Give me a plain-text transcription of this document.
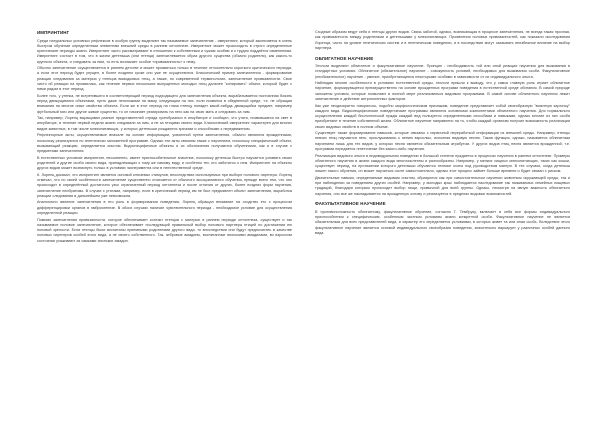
ИМПРИНТИНГ

Среди натуральных условных рефлексов в особую группу выделяют так называемое запечатление - импринтинг, который заключается в очень быстром обучении определенным элементам внешней среды в раннем онтогенезе. Импринтинг может происходить в строго определенные критические периоды жизни. Импринтинг часто рассматривают в отношении к собственным и чужим особям и к трудно поддаётся изменениям. Импринтинг состоит в том, что в жизни детеныша (или птенца) запечатлевается образ другого существа (обычно родителя), как какого-то крупного объекта, и следовать за ним, то есть возникает особое «привязанность» к нему.

Обычно запечатление осуществляется в раннем детстве и может проявиться только в течение относительно короткого критического периода, а если этот период будет упущен, в более позднем сроке оно уже не осуществится. Классический пример запечатления - формирование реакции следования за матерью у птенцов выводковых птиц, а также, по современной терминологии, запечатление привязанности. Свое чисто об реакции на проявилась, как течение первых нескольких выпущенных молодых птиц дальнее "копировать" объект, который будет с ними рядом в этот период.

Более того, у утенка, не встретившего в соответствующий период подходящего для запечатления объекта, вырабатывается постоянная боязнь перед движущимися объектами, пусть даже непохожими на маму, следующим на них, если появятся в обедненной среде, т.е. не обращая внимания на многие иные свойства объекта. Если же в этот период на глаза птенцу попадет какой-нибудь движущийся предмет, например футбольный мяч или другое живое существо, то он начинает реагировать на него как на свою мать и следовать за ним.

Так, например, Лоренц выращивал разные представителей отряда гусеобразных в инкубаторе и сообщил, что утята, появившиеся на свет в инкубаторе, в течение первой недели жизни следовали за ним, а не за птицами своего вида. Классический импринтинг характерен для многих видов животных, в том числе млекопитающих, у которых детеныши рождаются зрячими и способными к передвижению.

Рефлекторные акты, осуществляемые вначале на основе информации, усвоенной путем запечатления, обычно являются врожденными, поскольку реализуются по генетически заложенной программе. Однако эти акты связаны также с научением, поскольку специфический объект, вызывающий реакцию, определяется опытом. Видоспецифичные объекты и их обозначения получаются обученными, как и в случае с предметами запечатления.

В естественных условиях импринтинг, несомненно, имеет приспособительное значение, поскольку детеныш быстро научается узнавать своих родителей и другие особи своего вида, принадлежащих к тому же самому виду, и особенно тех, кто заботится о нем. Импринтинг на объекты других видов может возникнуть только в условиях эксперимента или в неестественной среде.

К. Лоренц доказал, что импринтинг является основой ключевых стимулов, впоследствии используемых при выборе полового партнера. Лоренц отмечал, что по своей особенности запечатление существенно отличается от обычного ассоциативного обучения, прежде всего тем, что оно происходит в определённый достаточно узко ограниченный период онтогенеза и после отличия от других, более поздних форм научения, запечатление необратимо. В случае с утятами, например, если в критический период им не был предъявлен объект запечатления, выработка реакции следования в дальнейшем уже невозможна.

Аналогично явление запечатления в его роль в формировании поведения, Лоренц обращал внимание на сходство его с процессом дифференцировки органов в эмбриогенезе. В обоих случаях наличие чувствительного периода - необходимое условие для осуществления определенной реакции.

Помимо запечатления привязанности, которое обеспечивает контакт птенцов с матерью в раннем периоде онтогенеза, существует и так называемое половое запечатление, которое обеспечивает последующий правильный выбор полового партнера птицей по достижении ею половой зрелости. Если птенцы были воспитаны приемными родителями другого вида, то впоследствии они будут предпочитать в качестве половых партнеров особей этого вида, а не своего собственного. Так, зебровые амадины, воспитанные японскими амадинами, во взрослом состоянии ухаживают за самками японских амадин.

Сходные образом ведут себя и птенцы других видов. Связь заботой, однако, возникающая в процессе запечатления, не всегда такая прочная, как привязанность между родителями и детенышами у млекопитающих. Проявления половых привязанностей, как показали исследования Лоренца, часто на уровне генетических систем и в генетическом поведении, и в последствии могут оказывать неизбежное влияние на выбор партнера.

ОБЛИГАТНОЕ НАУЧЕНИЕ

Этологи выделяют облигатное и факультативное научение. Принцип - необходимость той или иной реакции научения для выживания в стандартных условиях. Облигатное (обязательное) научение - совокупность условий, необходимых для выживания особи. Факультативное (необязательное) научение - умение, приобретающееся некоторыми особями в зависимости от их индивидуального опыта.

Наблюдая многие особенности в условиях естественной среды, этологи пришли к выводу, что у самок главную роль играет облигатное научение, формирующееся преимущественно на основе врожденных программ поведения в естественной среде обитания. В самой природе заложены условия, которые позволяют в полной мере реализоваться видовым программам. В самой основе облигатного научения лежит запечатление и действие антропогенных факторов.

Как уже неоднократно говорилось, подобно морфологическим признакам, поведение представляет собой своеобразную "визитную карточку" каждого вида. Видоспецифические поведенческие программы являются основными компонентами облигатного научения. Для нормального осуществления каждой биологической нужды каждый вид пользуется определенными способами и навыками, однако многие из них особи приобретают в течение собственной жизни. Облигатное научение направлено на то, чтобы каждый организм получил возможность реализации своих видовых свойств в полном объеме.

Существует также формирование навыков, которые связаны с первичной переработкой информации из внешней среды. Например, птенцы певчих птиц научаются петь, прислушиваясь к пению взрослых, исполняя видовую песню. Такая функция, однако, называется облигатным научением лишь для тех видов, у которых песня является обязательным атрибутом. У других видов птиц песня является врожденной, т.е. программа передается генетически без какого-либо научения.

Реализация видового опыта в индивидуальном поведении в большой степени нуждается в процессах научения в раннем онтогенезе. Примеры облигатного научения в жизни каждого вида многочисленны и разнообразны. Например, у мелких хищных млекопитающих, таких как кошки, существует период, на протяжении которого детеныши обучаются технике охоты под руководством матери. В тех случаях, когда детеныш лишен такого обучения, он может научиться охоте самостоятельно, однако этот процесс займет больше времени и будет связан с риском.

Двигательные навыки, определяемые видовым опытом, образуются как при самостоятельном изучении животным окружающей среды, так и при наблюдении за поведением других особей. Например, у молодых крыс наблюдается наследование так называемых семейных пищевых традиций, благодаря которым происходит выбор пищи, привычной для всей группы. Однако, несмотря на явную важность облигатного научения, оно все же накладывается на врожденную основу и реализуется в пределах видовых возможностей.

ФАКУЛЬТАТИВНОЕ НАУЧЕНИЕ

В противоположность облигатному, факультативное обучение, согласно Г. Тембруку, включает в себя все формы индивидуального приспособления к специфическим, особенным частным условиям жизни конкретной особи. Факультативное научение не является обязательным для всех представителей вида, и характер его определяется условиями, в которых живет та или иная особь. Вследствие этого факультативное научение является основой индивидуального своеобразия поведения, значительно варьирует у различных особей данного вида.
